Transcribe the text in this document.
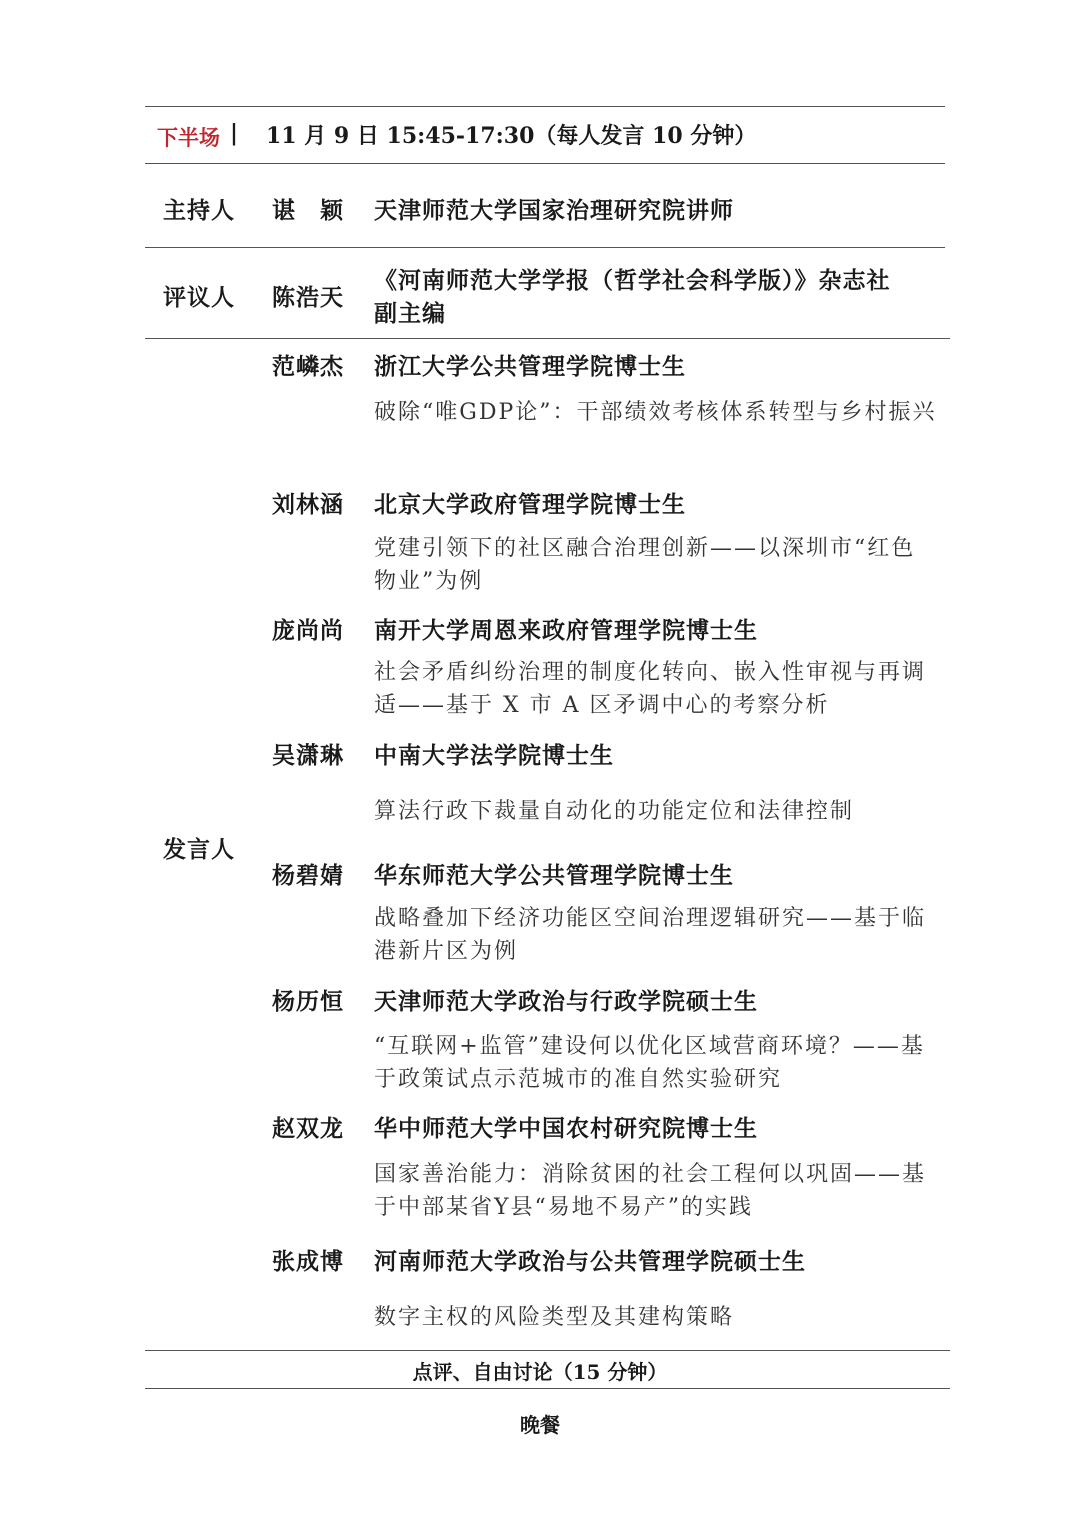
下半场 | 11 月 9 日 15:45-17:30（每人发言 10 分钟）
主持人 谌　颖 天津师范大学国家治理研究院讲师
评议人 陈浩天
《河南师范大学学报（哲学社会科学版）》杂志社
副主编
发言人
范嶙杰 浙江大学公共管理学院博士生
破除“唯GDP论”：干部绩效考核体系转型与乡村振兴
刘林涵 北京大学政府管理学院博士生
党建引领下的社区融合治理创新——以深圳市“红色物业”为例
庞尚尚 南开大学周恩来政府管理学院博士生
社会矛盾纠纷治理的制度化转向、嵌入性审视与再调适——基于 X 市 A 区矛调中心的考察分析
吴潇琳 中南大学法学院博士生
算法行政下裁量自动化的功能定位和法律控制
杨碧婧 华东师范大学公共管理学院博士生
战略叠加下经济功能区空间治理逻辑研究——基于临港新片区为例
杨历恒 天津师范大学政治与行政学院硕士生
“互联网+监管”建设何以优化区域营商环境？——基于政策试点示范城市的准自然实验研究
赵双龙 华中师范大学中国农村研究院博士生
国家善治能力：消除贫困的社会工程何以巩固——基于中部某省Y县“易地不易产”的实践
张成博 河南师范大学政治与公共管理学院硕士生
数字主权的风险类型及其建构策略
点评、自由讨论（15 分钟）
晚餐
